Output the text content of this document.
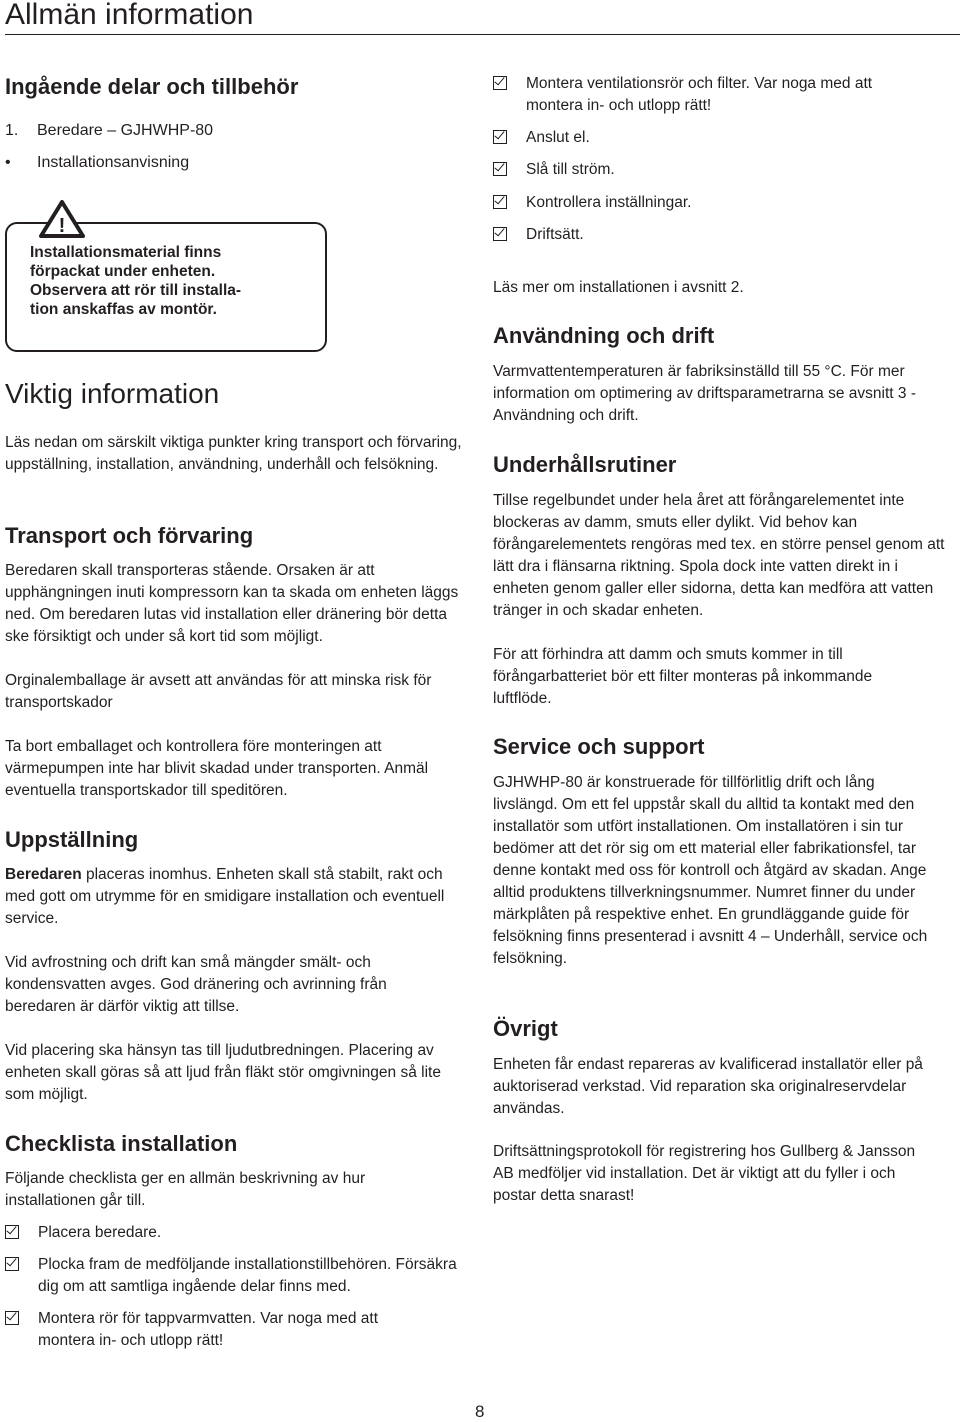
Allmän information
Ingående delar och tillbehör
1. Beredare – GJHWHP-80
• Installationsanvisning
!
Installationsmaterial finns
förpackat under enheten.
Observera att rör till installa-
tion anskaffas av montör.
Viktig information

Läs nedan om särskilt viktiga punkter kring transport och förvaring, uppställning, installation, användning, underhåll och felsökning.

Transport och förvaring

Beredaren skall transporteras stående. Orsaken är att upphängningen inuti kompressorn kan ta skada om enheten läggs ned. Om beredaren lutas vid installation eller dränering bör detta ske försiktigt och under så kort tid som möjligt.

Orginalemballage är avsett att användas för att minska risk för transportskador

Ta bort emballaget och kontrollera före monteringen att värmepumpen inte har blivit skadad under transporten. Anmäl eventuella transportskador till speditören.

Uppställning

Beredaren placeras inomhus. Enheten skall stå stabilt, rakt och med gott om utrymme för en smidigare installation och eventuell service.

Vid avfrostning och drift kan små mängder smält- och kondensvatten avges. God dränering och avrinning från beredaren är därför viktig att tillse.

Vid placering ska hänsyn tas till ljudutbredningen. Placering av enheten skall göras så att ljud från fläkt stör omgivningen så lite som möjligt.

Checklista installation

Följande checklista ger en allmän beskrivning av hur installationen går till.

Placera beredare.
Plocka fram de medföljande installationstillbehören. Försäkra dig om att samtliga ingående delar finns med.
Montera rör för tappvarmvatten. Var noga med att montera in- och utlopp rätt!
Montera ventilationsrör och filter. Var noga med att montera in- och utlopp rätt!
Anslut el.
Slå till ström.
Kontrollera inställningar.
Driftsätt.

Läs mer om installationen i avsnitt 2.

Användning och drift

Varmvattentemperaturen är fabriksinställd till 55 °C. För mer information om optimering av driftsparametrarna se avsnitt 3 - Användning och drift.

Underhållsrutiner

Tillse regelbundet under hela året att förångarelementet inte blockeras av damm, smuts eller dylikt. Vid behov kan förångarelementets rengöras med tex. en större pensel genom att lätt dra i flänsarna riktning. Spola dock inte vatten direkt in i enheten genom galler eller sidorna, detta kan medföra att vatten tränger in och skadar enheten.

För att förhindra att damm och smuts kommer in till förångarbatteriet bör ett filter monteras på inkommande luftflöde.

Service och support

GJHWHP-80 är konstruerade för tillförlitlig drift och lång livslängd. Om ett fel uppstår skall du alltid ta kontakt med den installatör som utfört installationen. Om installatören i sin tur bedömer att det rör sig om ett material eller fabrikationsfel, tar denne kontakt med oss för kontroll och åtgärd av skadan. Ange alltid produktens tillverkningsnummer. Numret finner du under märkplåten på respektive enhet. En grundläggande guide för felsökning finns presenterad i avsnitt 4 – Underhåll, service och felsökning.

Övrigt

Enheten får endast repareras av kvalificerad installatör eller på auktoriserad verkstad. Vid reparation ska originalreservdelar användas.

Driftsättningsprotokoll för registrering hos Gullberg & Jansson AB medföljer vid installation. Det är viktigt att du fyller i och postar detta snarast!

8
